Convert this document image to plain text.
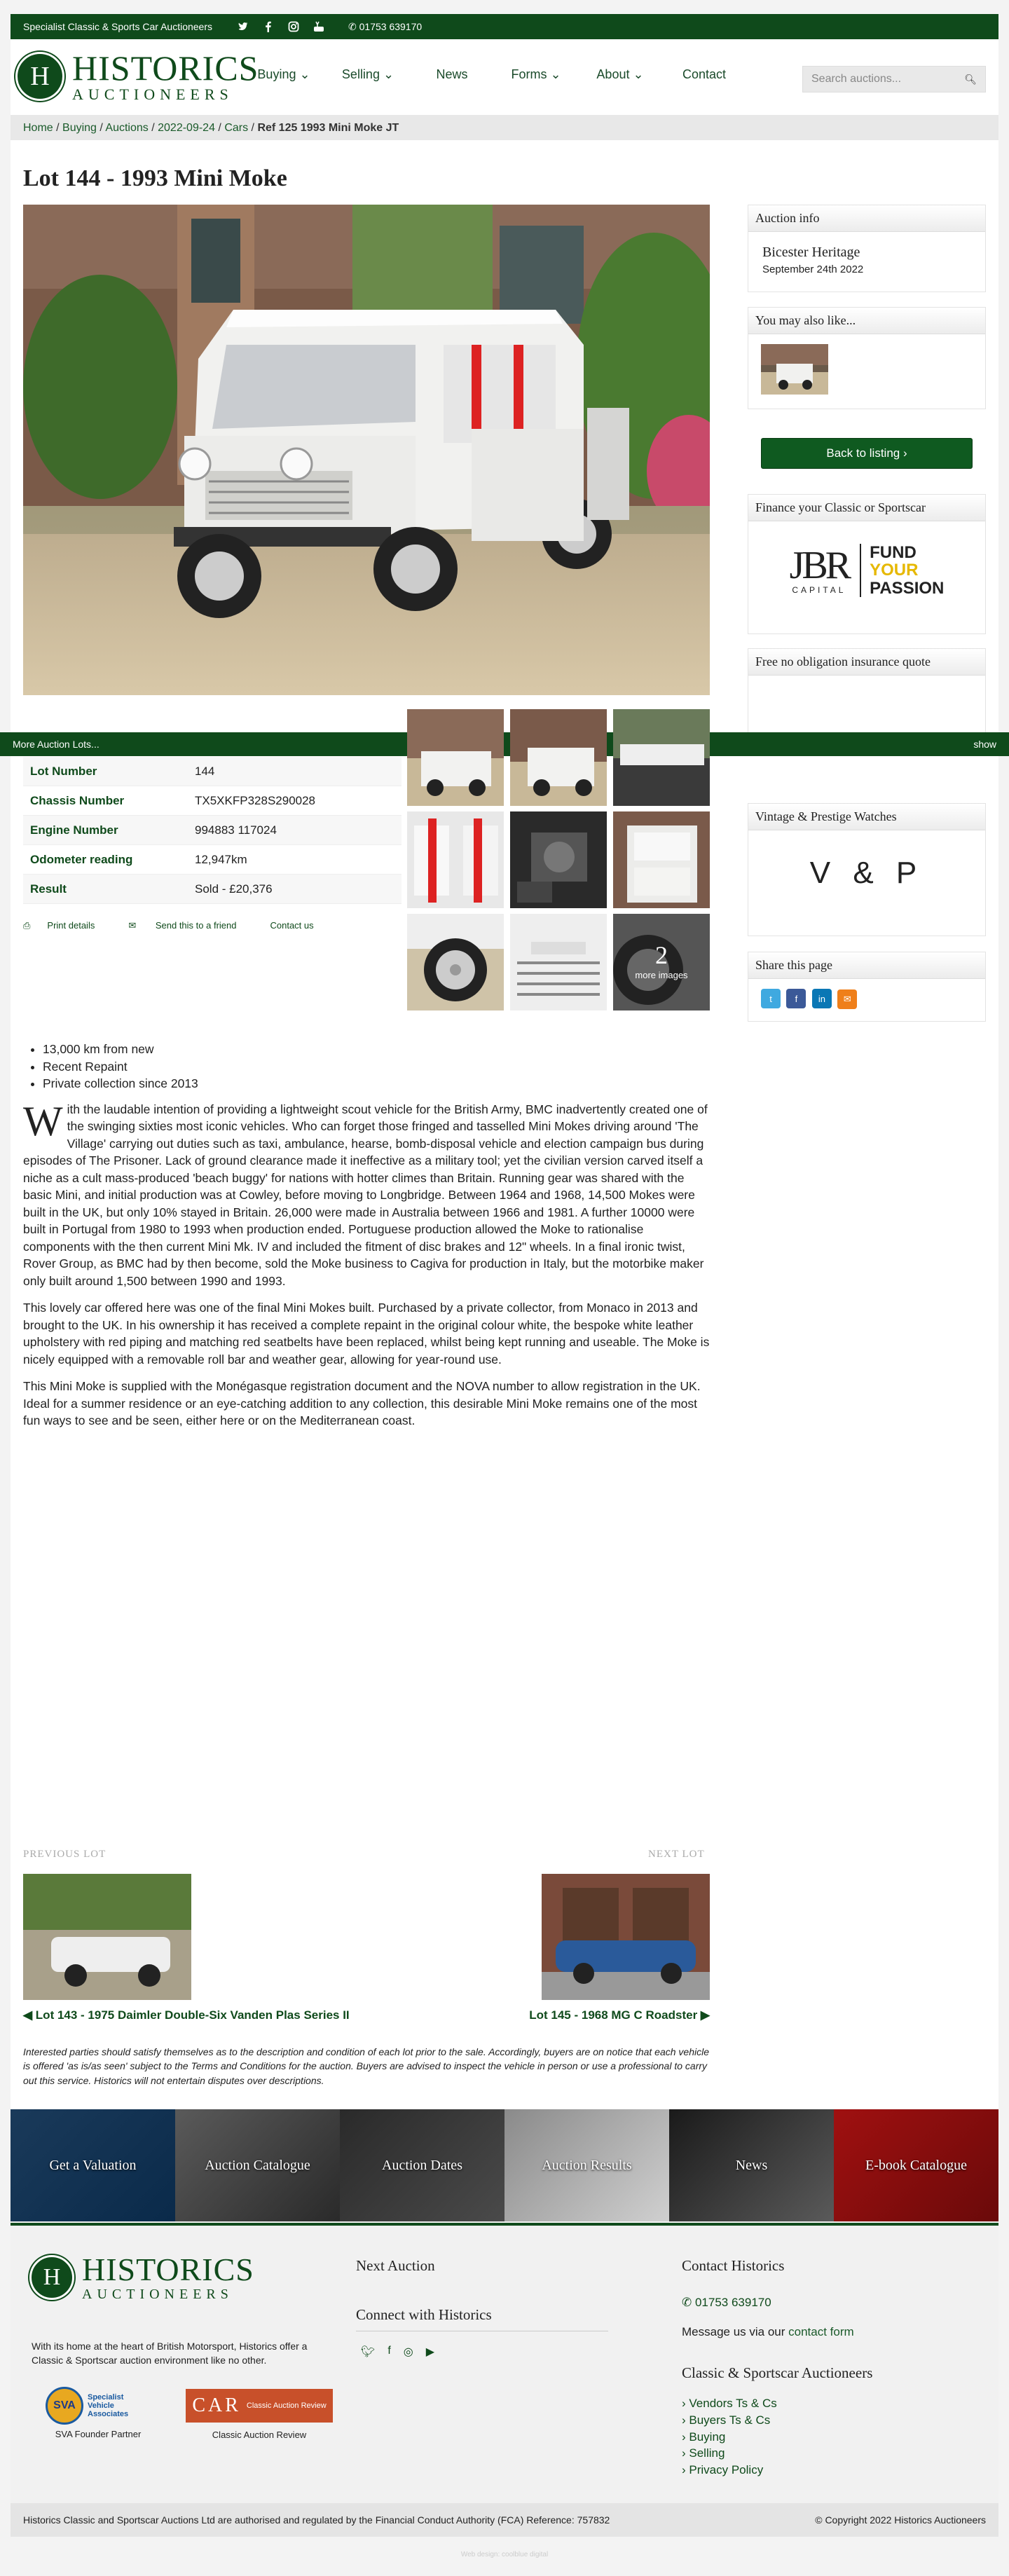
Specialist Classic & Sports Car Auctioneers	✆ 01753 639170
H HISTORICS
AUCTIONEERS
Buying ⌄	Selling ⌄	News	Forms ⌄	About ⌄	Contact	Search auctions...	🔍︎
Home / Buying / Auctions / 2022-09-24 / Cars / Ref 125 1993 Mini Moke JT
Lot 144 - 1993 Mini Moke
Auction info
Bicester Heritage
September 24th 2022
You may also like...
Back to listing ›
Finance your Classic or Sportscar
JBR
CAPITAL
FUND
YOUR
PASSION
Free no obligation insurance quote
Vintage & Prestige Watches
V & P
Share this page
t	f in ✉
PREVIOUS LOT
◀ Lot 143 - 1975 Daimler Double-Six Vanden Plas Series II
NEXT LOT
Lot 145 - 1968 MG C Roadster ▶
More Auction Lots...	show
Lot Number	144
Chassis Number	TX5XKFP328S290028
Engine Number	994883 117024
Odometer reading	12,947km
Result	Sold - £20,376
⎙ Print details	✉ Send this to a friend	Contact us
2
more images
• 13,000 km from new
• Recent Repaint
• Private collection since 2013

With the laudable intention of providing a lightweight scout vehicle for the British Army, BMC inadvertently created one of the swinging sixties most iconic vehicles. Who can forget those fringed and tasselled Mini Mokes driving around 'The Village' carrying out duties such as taxi, ambulance, hearse, bomb-disposal vehicle and election campaign bus during episodes of The Prisoner. Lack of ground clearance made it ineffective as a military tool; yet the civilian version carved itself a niche as a cult mass-produced 'beach buggy' for nations with hotter climes than Britain. Running gear was shared with the basic Mini, and initial production was at Cowley, before moving to Longbridge. Between 1964 and 1968, 14,500 Mokes were built in the UK, but only 10% stayed in Britain. 26,000 were made in Australia between 1966 and 1981. A further 10000 were built in Portugal from 1980 to 1993 when production ended. Portuguese production allowed the Moke to rationalise components with the then current Mini Mk. IV and included the fitment of disc brakes and 12" wheels. In a final ironic twist, Rover Group, as BMC had by then become, sold the Moke business to Cagiva for production in Italy, but the motorbike maker only built around 1,500 between 1990 and 1993.

This lovely car offered here was one of the final Mini Mokes built. Purchased by a private collector, from Monaco in 2013 and brought to the UK. In his ownership it has received a complete repaint in the original colour white, the bespoke white leather upholstery with red piping and matching red seatbelts have been replaced, whilst being kept running and useable. The Moke is nicely equipped with a removable roll bar and weather gear, allowing for year-round use.

This Mini Moke is supplied with the Monégasque registration document and the NOVA number to allow registration in the UK. Ideal for a summer residence or an eye-catching addition to any collection, this desirable Mini Moke remains one of the most fun ways to see and be seen, either here or on the Mediterranean coast.

Interested parties should satisfy themselves as to the description and condition of each lot prior to the sale. Accordingly, buyers are on notice that each vehicle is offered 'as is/as seen' subject to the Terms and Conditions for the auction. Buyers are advised to inspect the vehicle in person or use a professional to carry out this service. Historics will not entertain disputes over descriptions.
Get a Valuation	Auction Catalogue	Auction Dates	Auction Results	News	E-book Catalogue
H HISTORICS
AUCTIONEERS
With its home at the heart of British Motorsport, Historics offer a Classic & Sportscar auction environment like no other.
SVA
Specialist Vehicle Associates
SVA Founder Partner
CAR Classic Auction Review
Classic Auction Review
Next Auction
Connect with Historics
🐦︎ f ◎ ▶
Contact Historics
✆ 01753 639170
Message us via our contact form
Classic & Sportscar Auctioneers
› Vendors Ts & Cs
› Buyers Ts & Cs
› Buying
› Selling
› Privacy Policy
Historics Classic and Sportscar Auctions Ltd are authorised and regulated by the Financial Conduct Authority (FCA) Reference: 757832	© Copyright 2022 Historics Auctioneers
Web design: coolblue digital
